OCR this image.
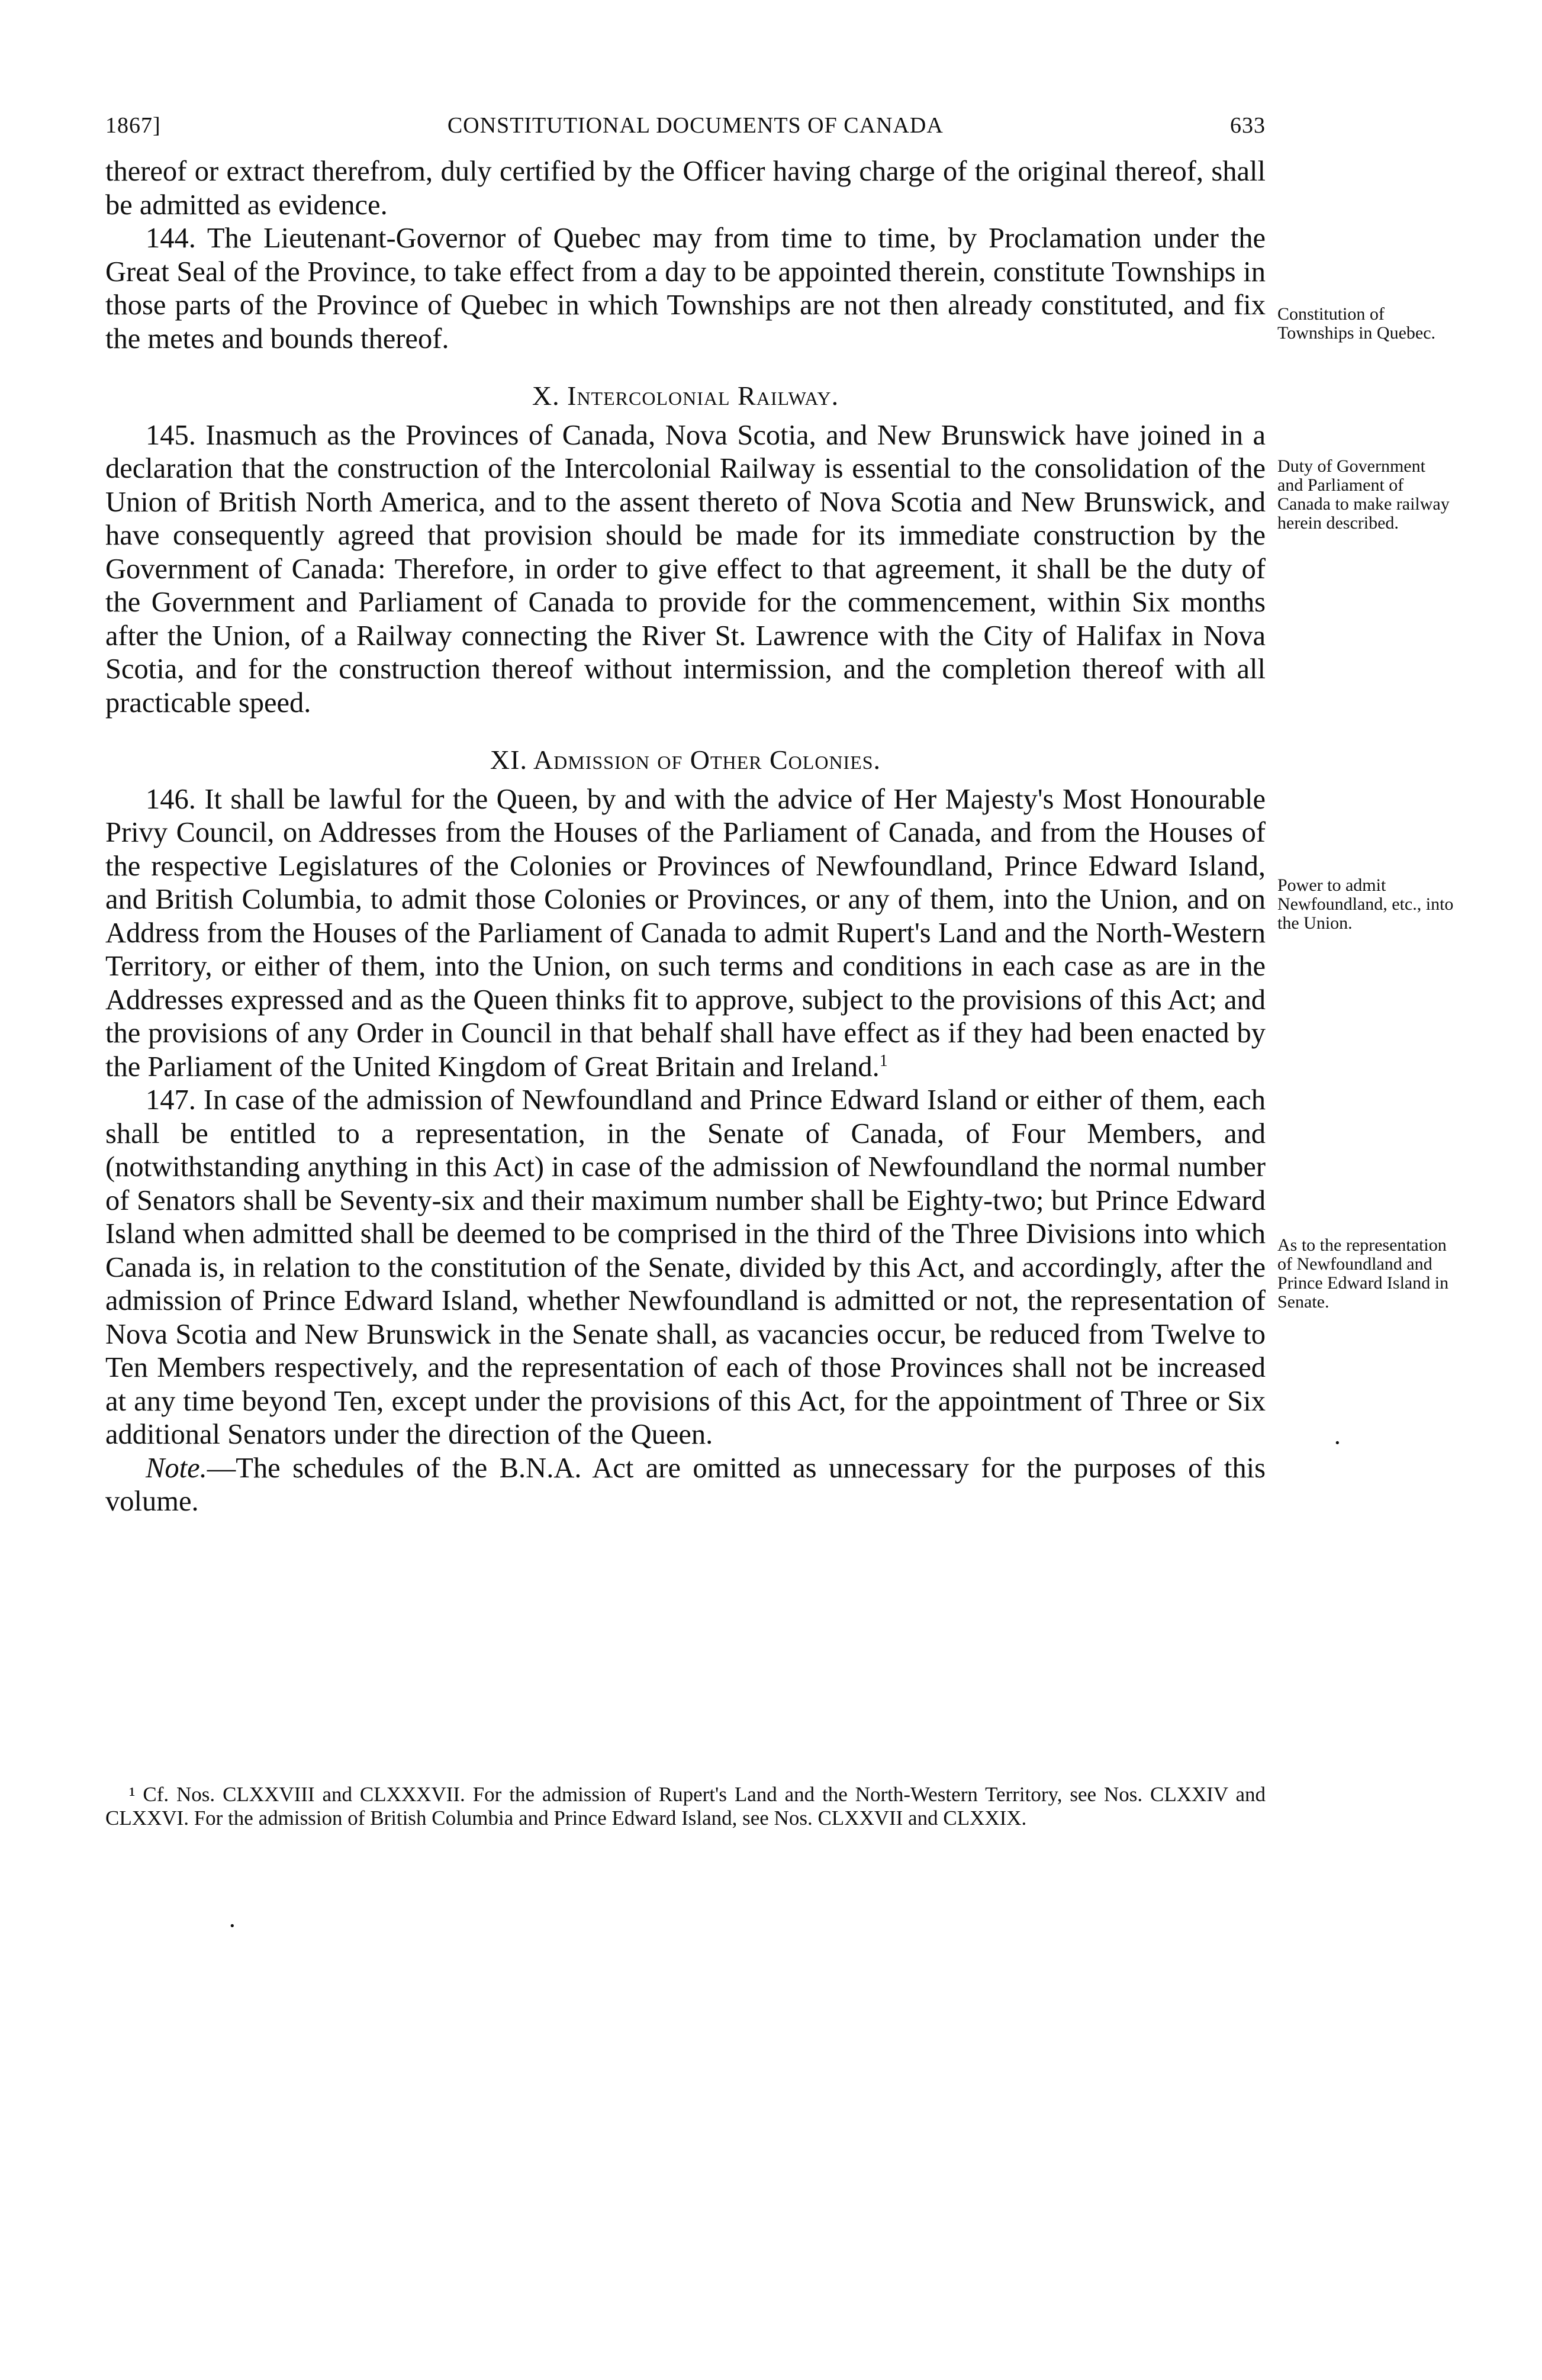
1867]	CONSTITUTIONAL DOCUMENTS OF CANADA	633

thereof or extract therefrom, duly certified by the Officer having charge of the original thereof, shall be admitted as evidence.

144. The Lieutenant-Governor of Quebec may from time to time, by Proclamation under the Great Seal of the Province, to take effect from a day to be appointed therein, constitute Townships in those parts of the Province of Quebec in which Townships are not then already constituted, and fix the metes and bounds thereof.

X. Intercolonial Railway.

145. Inasmuch as the Provinces of Canada, Nova Scotia, and New Brunswick have joined in a declaration that the construction of the Intercolonial Railway is essential to the consolidation of the Union of British North America, and to the assent thereto of Nova Scotia and New Brunswick, and have consequently agreed that provision should be made for its immediate construction by the Government of Canada: Therefore, in order to give effect to that agreement, it shall be the duty of the Government and Parliament of Canada to provide for the commencement, within Six months after the Union, of a Railway connecting the River St. Lawrence with the City of Halifax in Nova Scotia, and for the construction thereof without intermission, and the completion thereof with all practicable speed.

XI. Admission of Other Colonies.

146. It shall be lawful for the Queen, by and with the advice of Her Majesty's Most Honourable Privy Council, on Addresses from the Houses of the Parliament of Canada, and from the Houses of the respective Legislatures of the Colonies or Provinces of Newfoundland, Prince Edward Island, and British Columbia, to admit those Colonies or Provinces, or any of them, into the Union, and on Address from the Houses of the Parliament of Canada to admit Rupert's Land and the North-Western Territory, or either of them, into the Union, on such terms and conditions in each case as are in the Addresses expressed and as the Queen thinks fit to approve, subject to the provisions of this Act; and the provisions of any Order in Council in that behalf shall have effect as if they had been enacted by the Parliament of the United Kingdom of Great Britain and Ireland.$^1$

147. In case of the admission of Newfoundland and Prince Edward Island or either of them, each shall be entitled to a representation, in the Senate of Canada, of Four Members, and (notwithstanding anything in this Act) in case of the admission of Newfoundland the normal number of Senators shall be Seventy-six and their maximum number shall be Eighty-two; but Prince Edward Island when admitted shall be deemed to be comprised in the third of the Three Divisions into which Canada is, in relation to the constitution of the Senate, divided by this Act, and accordingly, after the admission of Prince Edward Island, whether Newfoundland is admitted or not, the representation of Nova Scotia and New Brunswick in the Senate shall, as vacancies occur, be reduced from Twelve to Ten Members respectively, and the representation of each of those Provinces shall not be increased at any time beyond Ten, except under the provisions of this Act, for the appointment of Three or Six additional Senators under the direction of the Queen.

Note.—The schedules of the B.N.A. Act are omitted as unnecessary for the purposes of this volume.

¹ Cf. Nos. CLXXVIII and CLXXXVII. For the admission of Rupert's Land and the North-Western Territory, see Nos. CLXXIV and CLXXVI. For the admission of British Columbia and Prince Edward Island, see Nos. CLXXVII and CLXXIX.

Constitution of Townships in Quebec.
Duty of Government and Parliament of Canada to make railway herein described.
Power to admit Newfoundland, etc., into the Union.
As to the representation of Newfoundland and Prince Edward Island in Senate.
·
·
